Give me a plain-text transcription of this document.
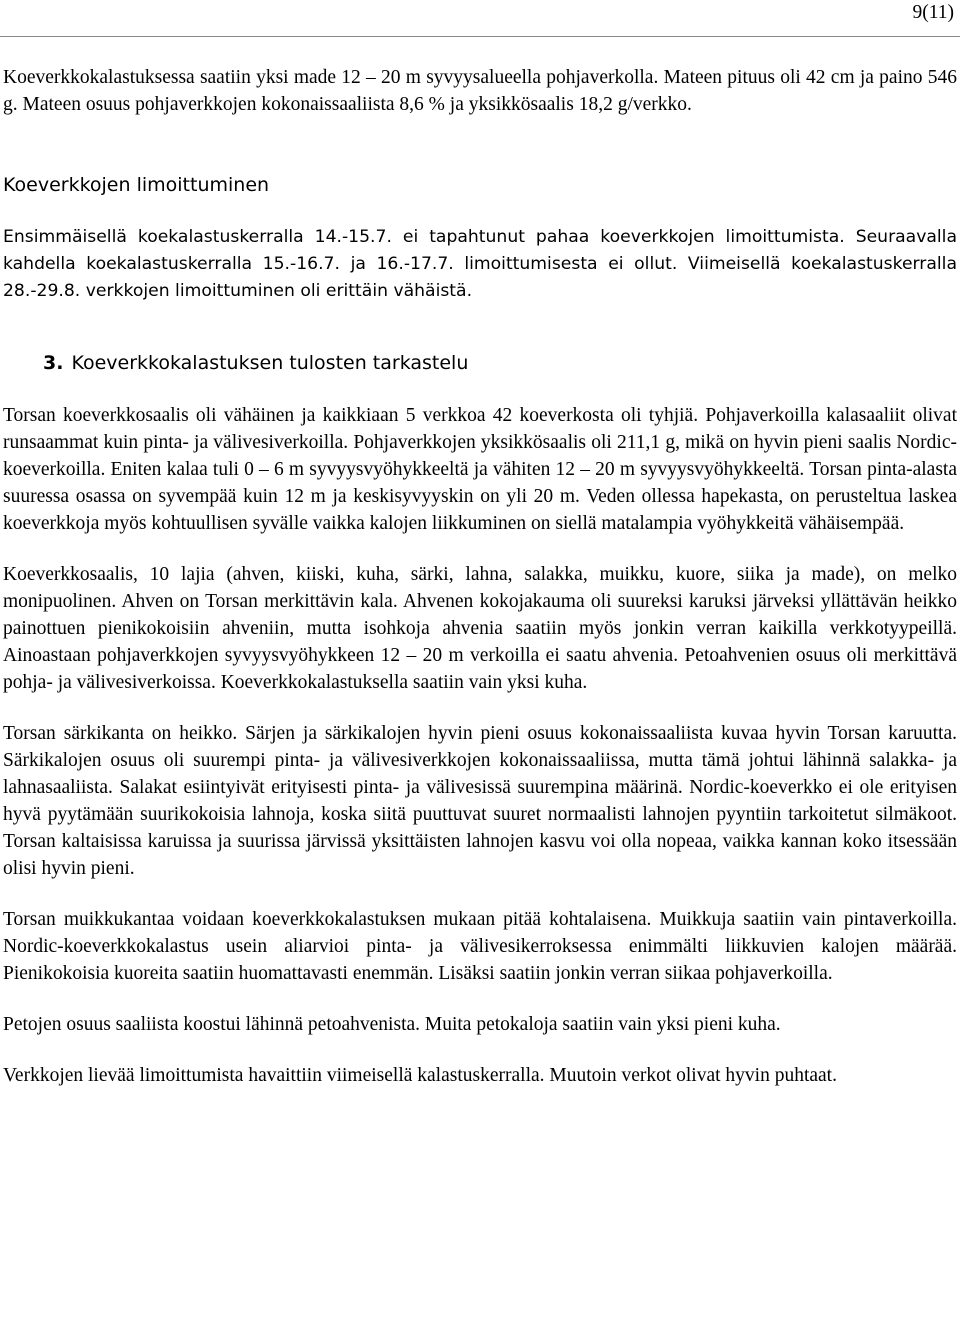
9(11)

Koeverkkokalastuksessa saatiin yksi made 12 – 20 m syvyysalueella pohjaverkolla. Mateen pituus oli 42 cm ja paino 546 g. Mateen osuus pohjaverkkojen kokonaissaaliista 8,6 % ja yksikkösaalis 18,2 g/verkko.

Koeverkkojen limoittuminen

Ensimmäisellä koekalastuskerralla 14.-15.7. ei tapahtunut pahaa koeverkkojen limoittumista. Seuraavalla kahdella koekalastuskerralla 15.-16.7. ja 16.-17.7. limoittumisesta ei ollut. Viimeisellä koekalastuskerralla 28.-29.8. verkkojen limoittuminen oli erittäin vähäistä.

3. Koeverkkokalastuksen tulosten tarkastelu

Torsan koeverkkosaalis oli vähäinen ja kaikkiaan 5 verkkoa 42 koeverkosta oli tyhjiä. Pohjaverkoilla kalasaaliit olivat runsaammat kuin pinta- ja välivesiverkoilla. Pohjaverkkojen yksikkösaalis oli 211,1 g, mikä on hyvin pieni saalis Nordic-koeverkoilla. Eniten kalaa tuli 0 – 6 m syvyysvyöhykkeeltä ja vähiten 12 – 20 m syvyysvyöhykkeeltä. Torsan pinta-alasta suuressa osassa on syvempää kuin 12 m ja keskisyvyyskin on yli 20 m. Veden ollessa hapekasta, on perusteltua laskea koeverkkoja myös kohtuullisen syvälle vaikka kalojen liikkuminen on siellä matalampia vyöhykkeitä vähäisempää.

Koeverkkosaalis, 10 lajia (ahven, kiiski, kuha, särki, lahna, salakka, muikku, kuore, siika ja made), on melko monipuolinen. Ahven on Torsan merkittävin kala. Ahvenen kokojakauma oli suureksi karuksi järveksi yllättävän heikko painottuen pienikokoisiin ahveniin, mutta isohkoja ahvenia saatiin myös jonkin verran kaikilla verkkotyypeillä. Ainoastaan pohjaverkkojen syvyysvyöhykkeen 12 – 20 m verkoilla ei saatu ahvenia. Petoahvenien osuus oli merkittävä pohja- ja välivesiverkoissa. Koeverkkokalastuksella saatiin vain yksi kuha.

Torsan särkikanta on heikko. Särjen ja särkikalojen hyvin pieni osuus kokonaissaaliista kuvaa hyvin Torsan karuutta. Särkikalojen osuus oli suurempi pinta- ja välivesiverkkojen kokonaissaaliissa, mutta tämä johtui lähinnä salakka- ja lahnasaaliista. Salakat esiintyivät erityisesti pinta- ja välivesissä suurempina määrinä. Nordic-koeverkko ei ole erityisen hyvä pyytämään suurikokoisia lahnoja, koska siitä puuttuvat suuret normaalisti lahnojen pyyntiin tarkoitetut silmäkoot. Torsan kaltaisissa karuissa ja suurissa järvissä yksittäisten lahnojen kasvu voi olla nopeaa, vaikka kannan koko itsessään olisi hyvin pieni.

Torsan muikkukantaa voidaan koeverkkokalastuksen mukaan pitää kohtalaisena. Muikkuja saatiin vain pintaverkoilla. Nordic-koeverkkokalastus usein aliarvioi pinta- ja välivesikerroksessa enimmälti liikkuvien kalojen määrää. Pienikokoisia kuoreita saatiin huomattavasti enemmän. Lisäksi saatiin jonkin verran siikaa pohjaverkoilla.

Petojen osuus saaliista koostui lähinnä petoahvenista. Muita petokaloja saatiin vain yksi pieni kuha.

Verkkojen lievää limoittumista havaittiin viimeisellä kalastuskerralla. Muutoin verkot olivat hyvin puhtaat.
